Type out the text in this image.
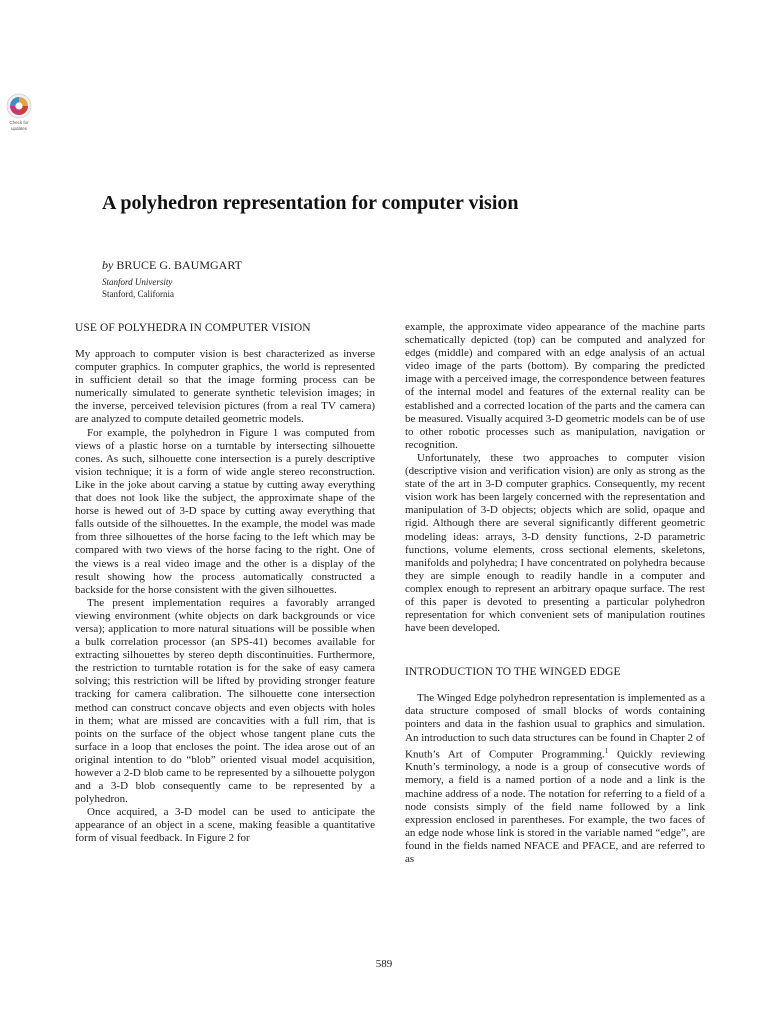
Check for
updates
A polyhedron representation for computer vision
by BRUCE G. BAUMGART
Stanford University
Stanford, California
USE OF POLYHEDRA IN COMPUTER VISION

My approach to computer vision is best characterized as inverse computer graphics. In computer graphics, the world is represented in sufficient detail so that the image forming process can be numerically simulated to generate synthetic television images; in the inverse, perceived television pictures (from a real TV camera) are analyzed to compute detailed geometric models.

For example, the polyhedron in Figure 1 was computed from views of a plastic horse on a turntable by intersecting silhouette cones. As such, silhouette cone intersection is a purely descriptive vision technique; it is a form of wide angle stereo reconstruction. Like in the joke about carving a statue by cutting away everything that does not look like the subject, the approximate shape of the horse is hewed out of 3-D space by cutting away everything that falls outside of the silhouettes. In the example, the model was made from three silhouettes of the horse facing to the left which may be compared with two views of the horse facing to the right. One of the views is a real video image and the other is a display of the result showing how the process automatically constructed a backside for the horse consistent with the given silhouettes.

The present implementation requires a favorably arranged viewing environment (white objects on dark backgrounds or vice versa); application to more natural situations will be possible when a bulk correlation processor (an SPS-41) becomes available for extracting silhouettes by stereo depth discontinuities. Furthermore, the restriction to turntable rotation is for the sake of easy camera solving; this restriction will be lifted by providing stronger feature tracking for camera calibration. The silhouette cone intersection method can construct concave objects and even objects with holes in them; what are missed are concavities with a full rim, that is points on the surface of the object whose tangent plane cuts the surface in a loop that encloses the point. The idea arose out of an original intention to do “blob” oriented visual model acquisition, however a 2-D blob came to be represented by a silhouette polygon and a 3-D blob consequently came to be represented by a polyhedron.

Once acquired, a 3-D model can be used to anticipate the appearance of an object in a scene, making feasible a quantitative form of visual feedback. In Figure 2 for

example, the approximate video appearance of the machine parts schematically depicted (top) can be computed and analyzed for edges (middle) and compared with an edge analysis of an actual video image of the parts (bottom). By comparing the predicted image with a perceived image, the correspondence between features of the internal model and features of the external reality can be established and a corrected location of the parts and the camera can be measured. Visually acquired 3-D geometric models can be of use to other robotic processes such as manipulation, navigation or recognition.

Unfortunately, these two approaches to computer vision (descriptive vision and verification vision) are only as strong as the state of the art in 3-D computer graphics. Consequently, my recent vision work has been largely concerned with the representation and manipulation of 3-D objects; objects which are solid, opaque and rigid. Although there are several significantly different geometric modeling ideas: arrays, 3-D density functions, 2-D parametric functions, volume elements, cross sectional elements, skeletons, manifolds and polyhedra; I have concentrated on polyhedra because they are simple enough to readily handle in a computer and complex enough to represent an arbitrary opaque surface. The rest of this paper is devoted to presenting a particular polyhedron representation for which convenient sets of manipulation routines have been developed.

INTRODUCTION TO THE WINGED EDGE

The Winged Edge polyhedron representation is implemented as a data structure composed of small blocks of words containing pointers and data in the fashion usual to graphics and simulation. An introduction to such data structures can be found in Chapter 2 of Knuth’s Art of Computer Programming.$^1$ Quickly reviewing Knuth’s terminology, a node is a group of consecutive words of memory, a field is a named portion of a node and a link is the machine address of a node. The notation for referring to a field of a node consists simply of the field name followed by a link expression enclosed in parentheses. For example, the two faces of an edge node whose link is stored in the variable named “edge”, are found in the fields named NFACE and PFACE, and are referred to as

589
